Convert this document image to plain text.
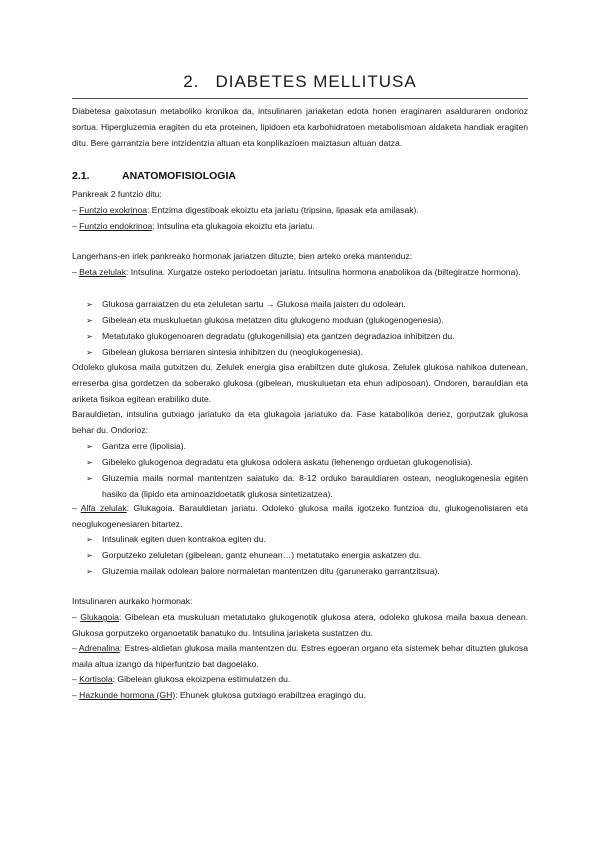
2. DIABETES MELLITUSA
Diabetesa gaixotasun metaboliko kronikoa da, intsulinaren jariaketan edota honen eraginaren asalduraren ondorioz sortua. Hipergluzemia eragiten du eta proteinen, lipidoen eta karbohidratoen metabolismoan aldaketa handiak eragiten ditu. Bere garrantzia bere intzidentzia altuan eta konplikazioen maiztasun altuan datza.
2.1.	ANATOMOFISIOLOGIA
Pankreak 2 funtzio ditu:
– Funtzio exokrinoa: Entzima digestiboak ekoiztu eta jariatu (tripsina, lipasak eta amilasak).
– Funtzio endokrinoa: Intsulina eta glukagoia ekoiztu eta jariatu.
Langerhans-en irlek pankreako hormonak jariatzen dituzte, bien arteko oreka mantenduz:
– Beta zelulak: Intsulina. Xurgatze osteko periodoetan jariatu. Intsulina hormona anabolikoa da (biltegiratze hormona).
➢	Glukosa garraiatzen du eta zeluletan sartu → Glukosa maila jaisten du odolean.
➢	Gibelean eta muskuluetan glukosa metatzen ditu glukogeno moduan (glukogenogenesia).
➢	Metatutako glukogenoaren degradatu (glukogenilisia) eta gantzen degradazioa inhibitzen du.
➢	Gibelean glukosa berriaren sintesia inhibitzen du (neoglukogenesia).
Odoleko glukosa maila gutxitzen du. Zelulek energia gisa erabiltzen dute glukosa. Zelulek glukosa nahikoa dutenean, erreserba gisa gordetzen da soberako glukosa (gibelean, muskuluetan eta ehun adiposoan). Ondoren, barauldian eta ariketa fisikoa egitean erabiliko dute.
Barauldietan, intsulina gutxiago jariatuko da eta glukagoia jariatuko da. Fase katabolikoa denez, gorputzak glukosa behar du. Ondorioz:
➢	Gantza erre (lipolisia).
➢	Gibeleko glukogenoa degradatu eta glukosa odolera askatu (lehenengo orduetan glukogenolisia).
➢	Gluzemia maila normal mantentzen saiatuko da. 8-12 orduko barauldiaren ostean, neoglukogenesia egiten hasiko da (lipido eta aminoazidoetatik glukosa sintetizatzea).
– Alfa zelulak: Glukagoia. Barauldietan jariatu. Odoleko glukosa maila igotzeko funtzioa du, glukogenolisiaren eta neoglukogenesiaren bitartez.
➢	Intsulinak egiten duen kontrakoa egiten du.
➢	Gorputzeko zeluletan (gibelean, gantz ehunean…) metatutako energia askatzen du.
➢	Gluzemia mailak odolean balore normaletan mantentzen ditu (garunerako garrantzitsua).
Intsulinaren aurkako hormonak:
– Glukagoia: Gibelean eta muskuluan metatutako glukogenotik glukosa atera, odoleko glukosa maila baxua denean. Glukosa gorputzeko organoetatik banatuko du. Intsulina jariaketa sustatzen du.
– Adrenalina: Estres-aldietan glukosa maila mantentzen du. Estres egoeran organo eta sistemek behar dituzten glukosa maila altua izango da hiperfuntzio bat dagoelako.
– Kortisola: Gibelean glukosa ekoizpena estimulatzen du.
– Hazkunde hormona (GH): Ehunek glukosa gutxiago erabiltzea eragingo du.
